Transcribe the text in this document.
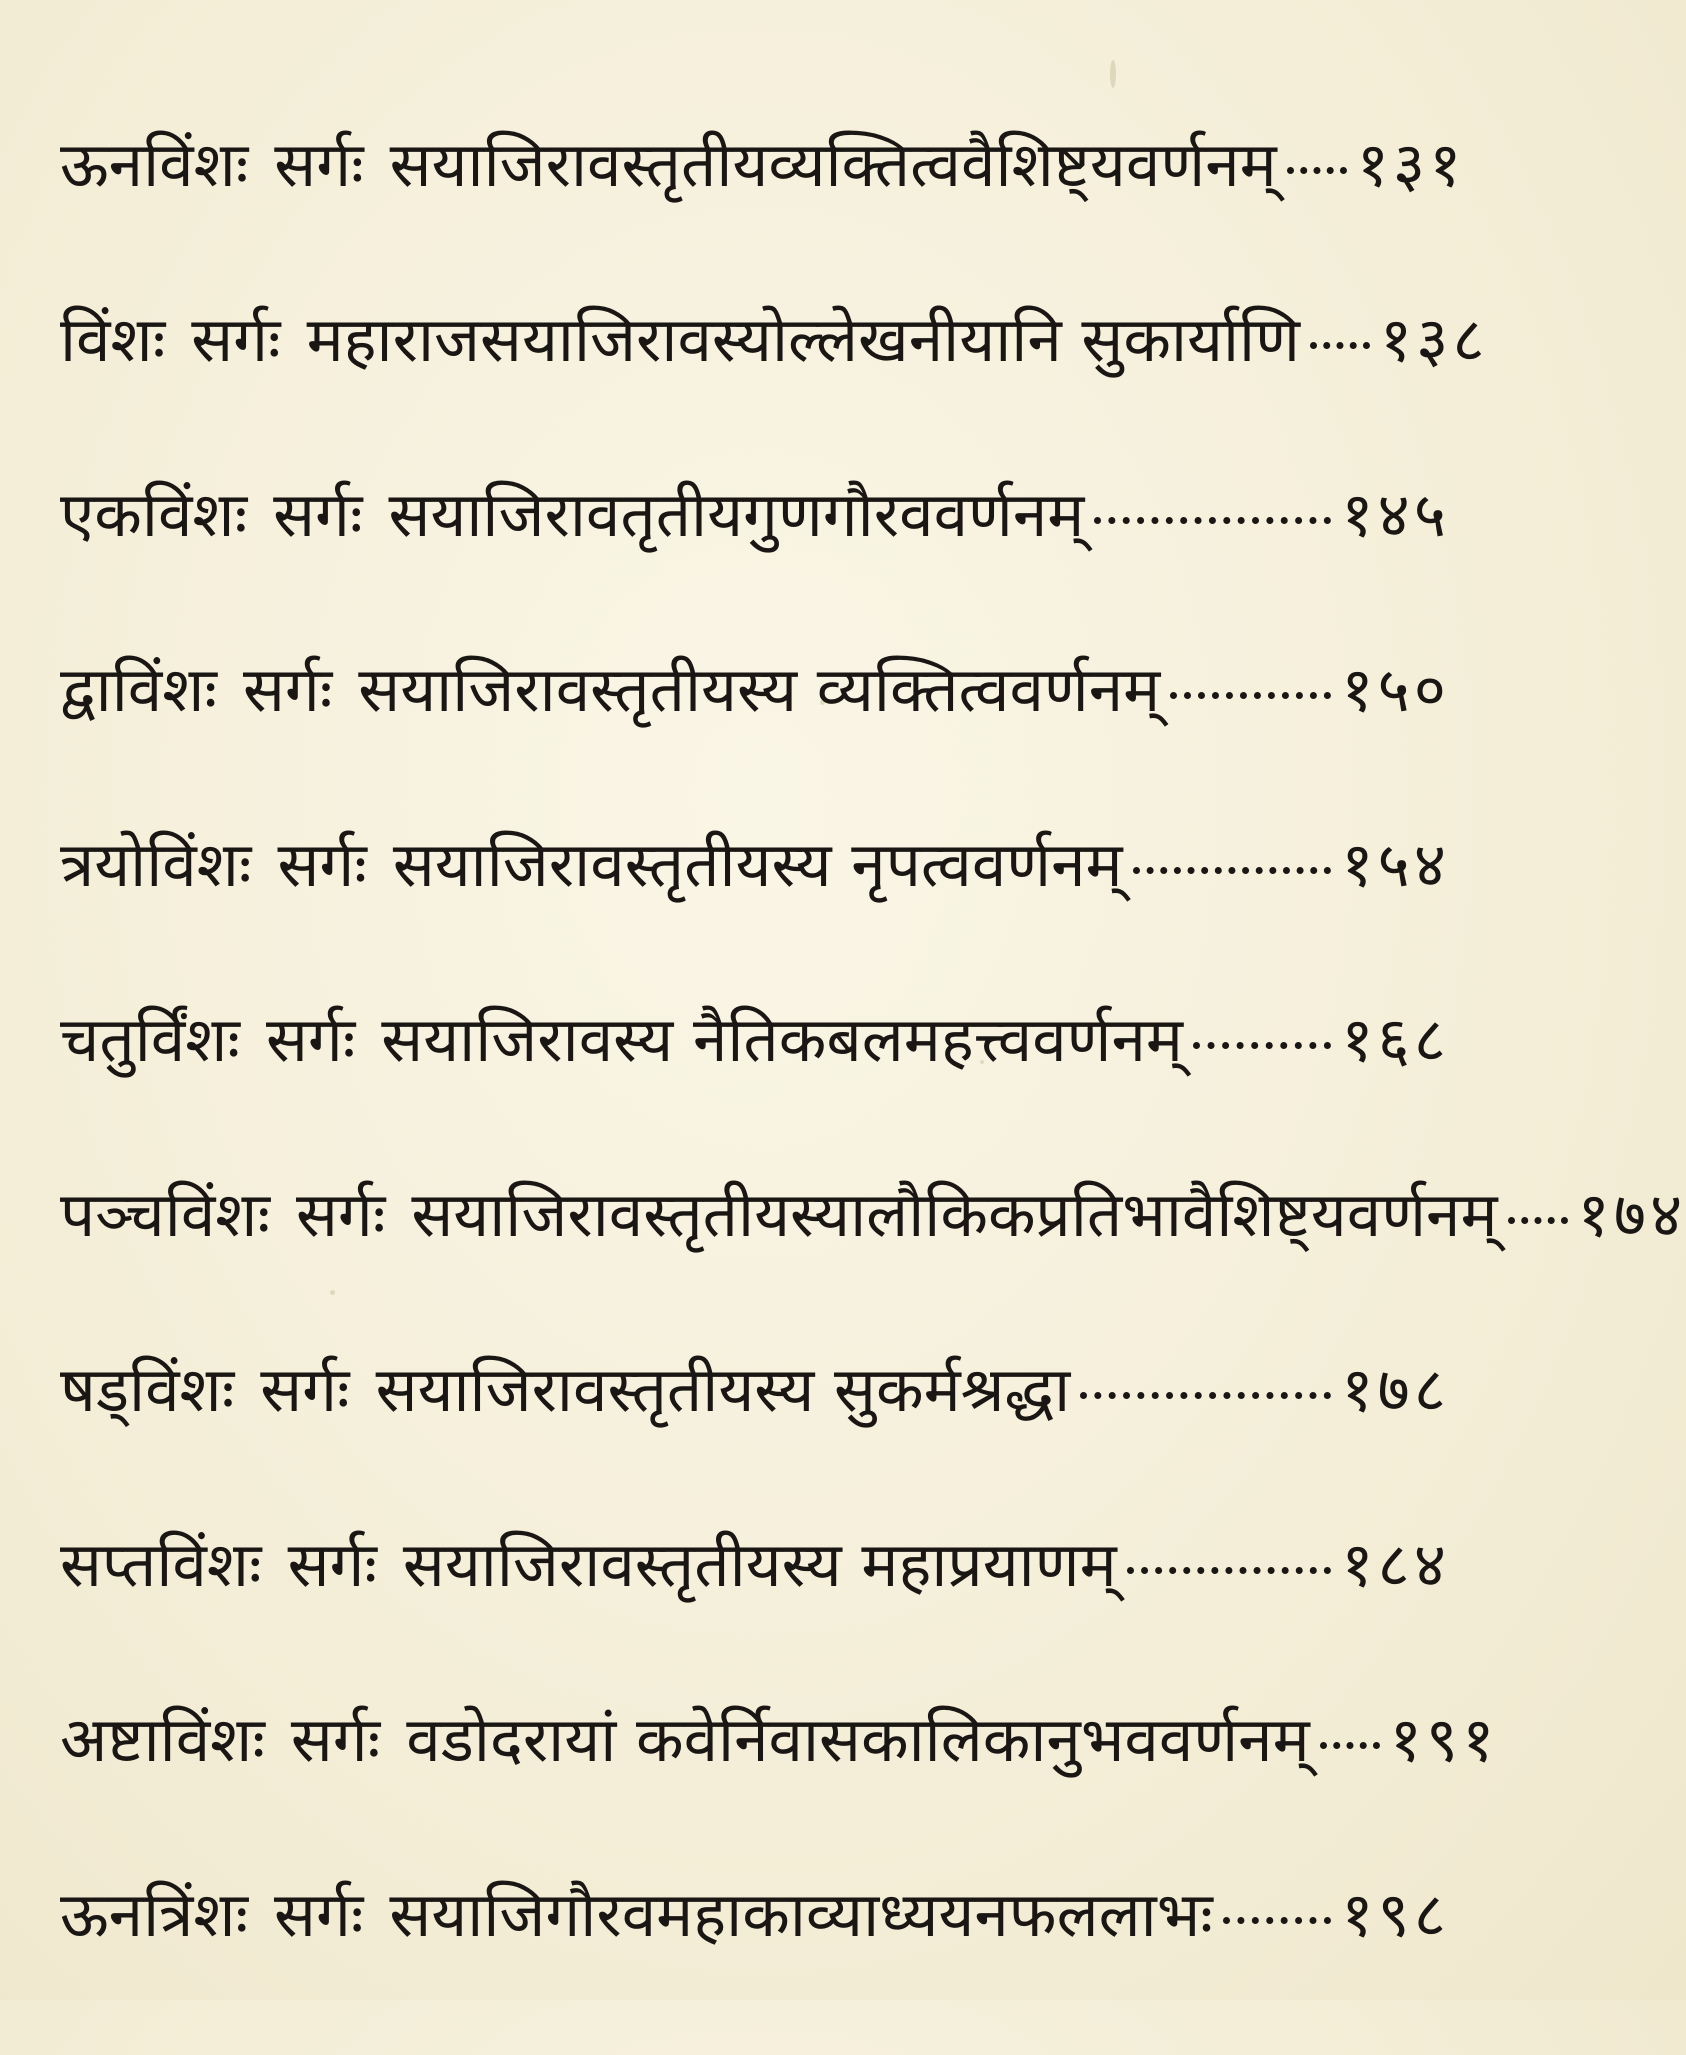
ऊनविंशः सर्गः सयाजिरावस्तृतीयव्यक्तित्ववैशिष्ट्यवर्णनम् १३१
विंशः सर्गः महाराजसयाजिरावस्योल्लेखनीयानि सुकार्याणि १३८
एकविंशः सर्गः सयाजिरावतृतीयगुणगौरववर्णनम्	१४५
द्वाविंशः सर्गः सयाजिरावस्तृतीयस्य व्यक्तित्ववर्णनम्	१५०
त्रयोविंशः सर्गः सयाजिरावस्तृतीयस्य नृपत्ववर्णनम्	१५४
चतुर्विंशः सर्गः सयाजिरावस्य नैतिकबलमहत्त्ववर्णनम्	१६८
पञ्चविंशः सर्गः सयाजिरावस्तृतीयस्यालौकिकप्रतिभावैशिष्ट्यवर्णनम् १७४
षड्विंशः सर्गः सयाजिरावस्तृतीयस्य सुकर्मश्रद्धा	१७८
सप्तविंशः सर्गः सयाजिरावस्तृतीयस्य महाप्रयाणम्	१८४
अष्टाविंशः सर्गः वडोदरायां कवेर्निवासकालिकानुभववर्णनम् १९१
ऊनत्रिंशः सर्गः सयाजिगौरवमहाकाव्याध्ययनफललाभः १९८
